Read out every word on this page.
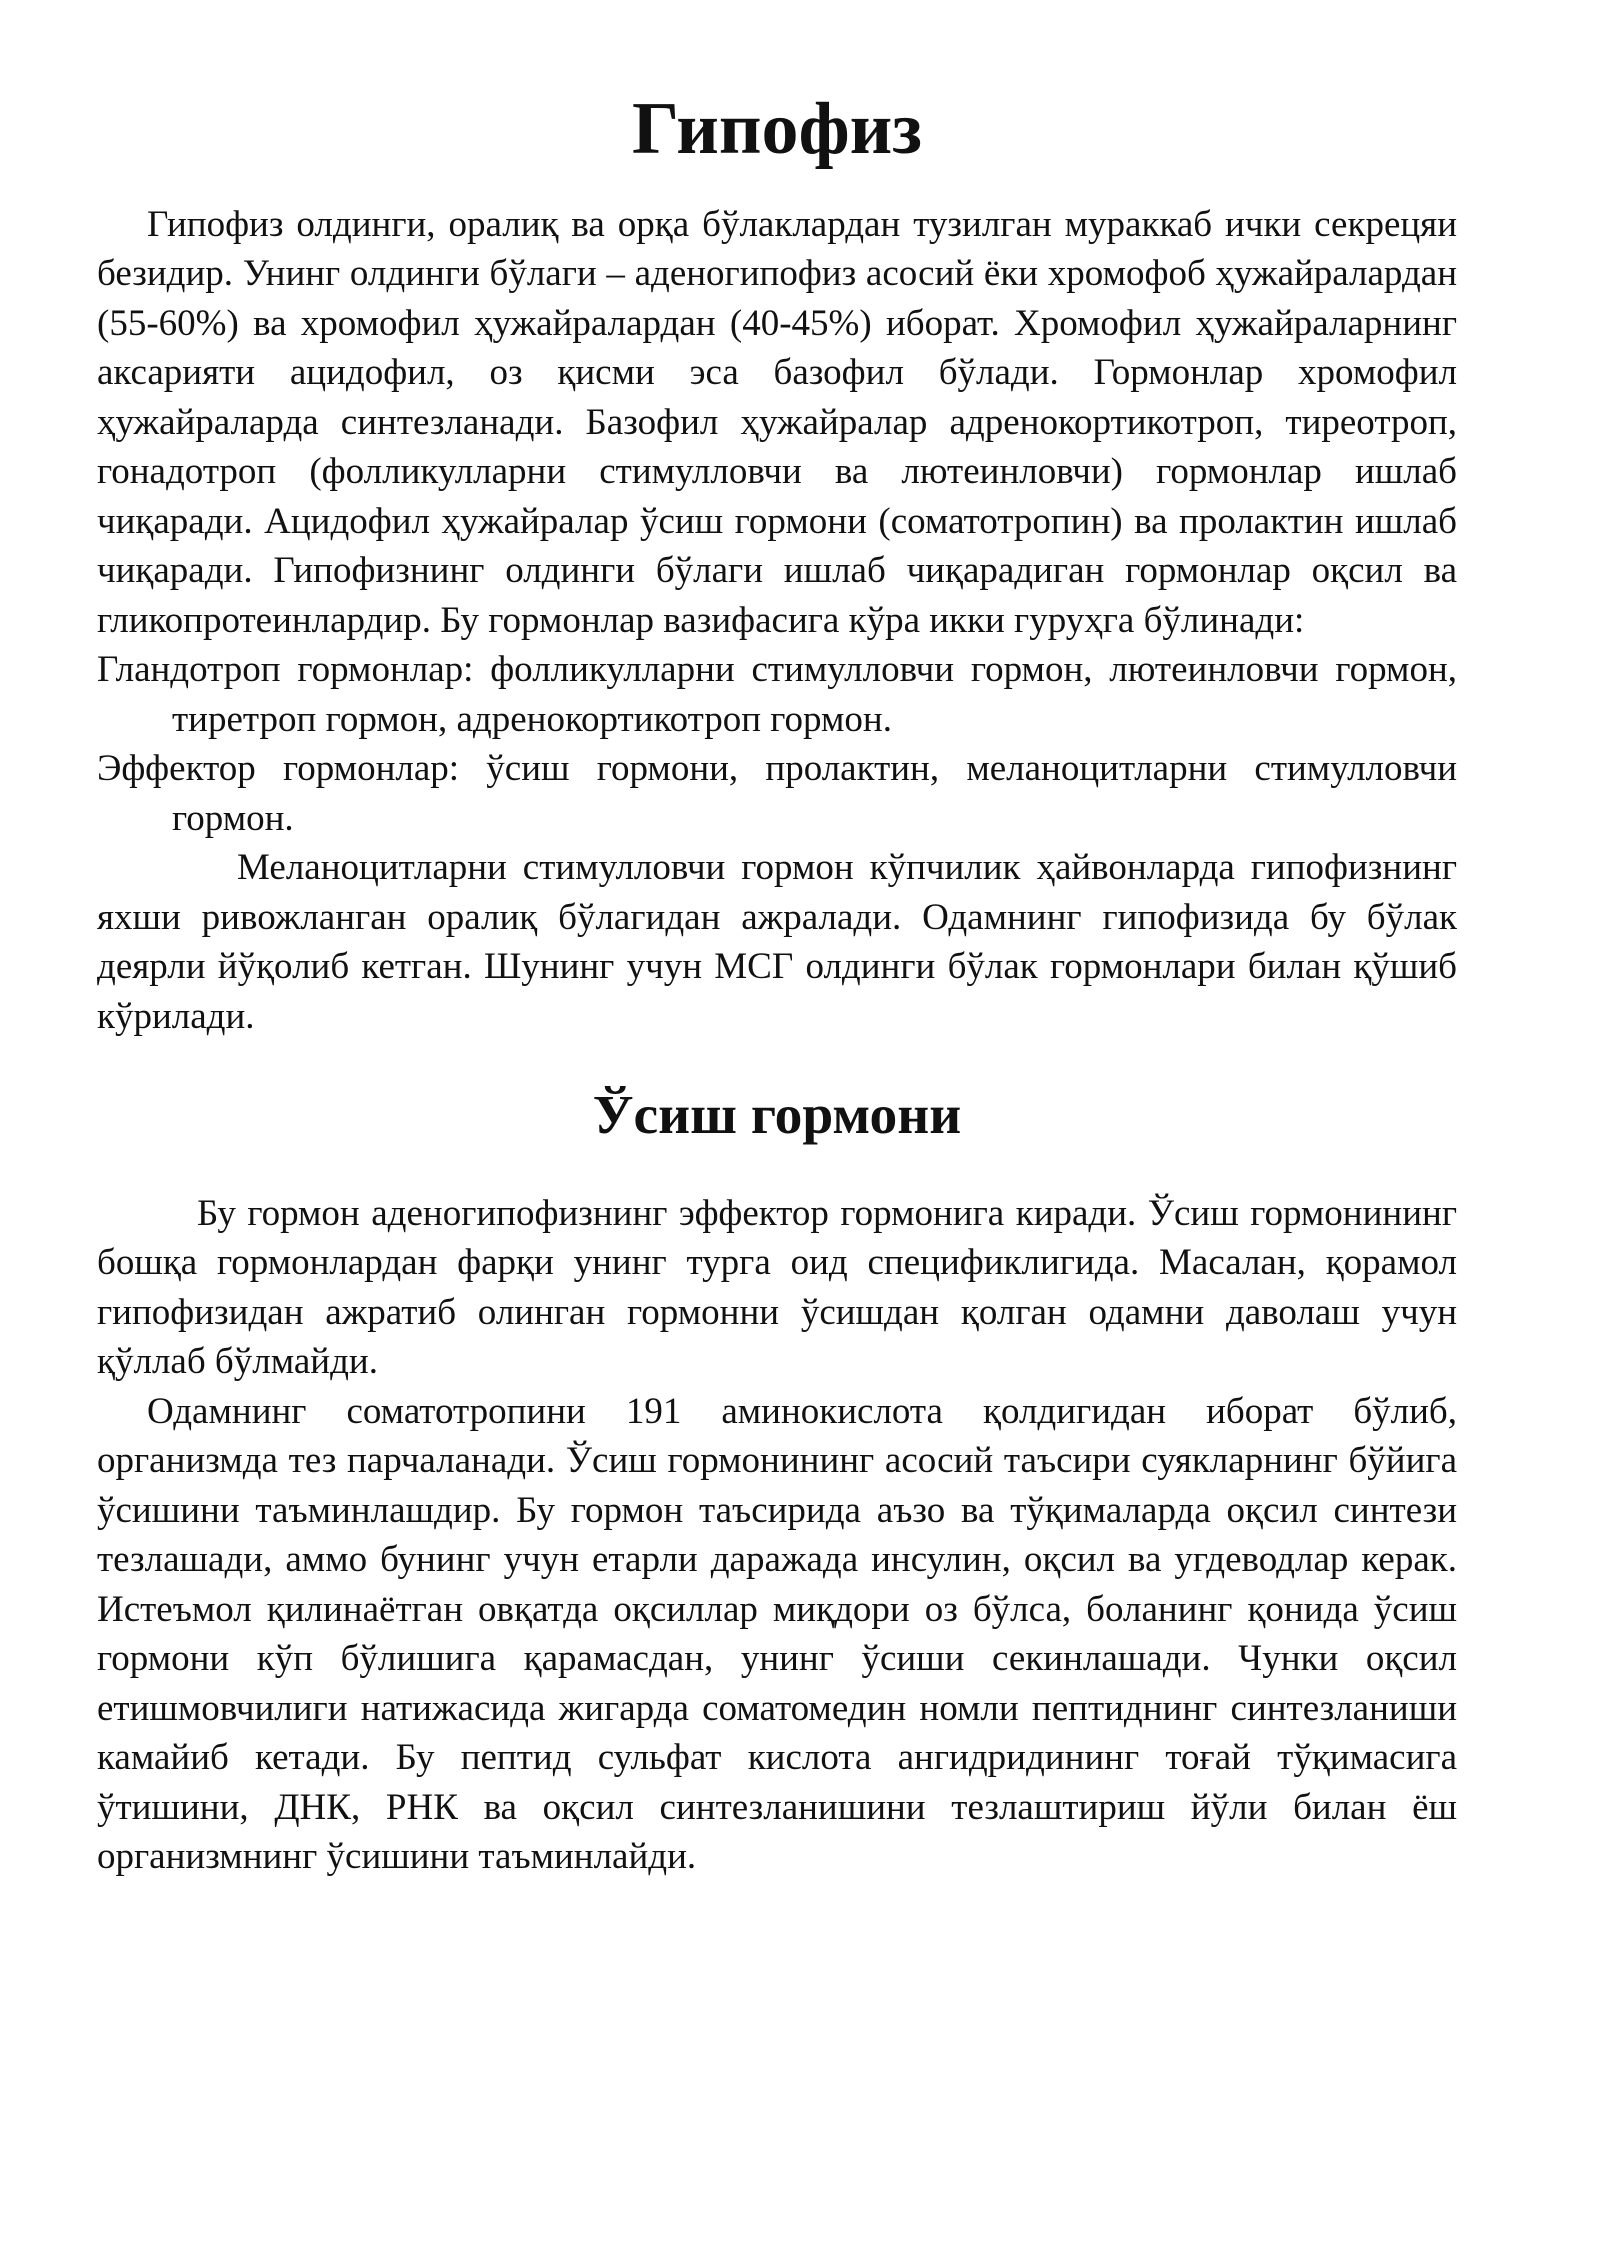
Гипофиз

Гипофиз олдинги, оралиқ ва орқа бўлаклардан тузилган мураккаб ички секрецяи безидир. Унинг олдинги бўлаги – аденогипофиз асосий ёки хромофоб ҳужайралардан (55-60%) ва хромофил ҳужайралардан (40-45%) иборат. Хромофил ҳужайраларнинг аксарияти ацидофил, оз қисми эса базофил бўлади. Гормонлар хромофил ҳужайраларда синтезланади. Базофил ҳужайралар адренокортикотроп, тиреотроп, гонадотроп (фолликулларни стимулловчи ва лютеинловчи) гормонлар ишлаб чиқаради. Ацидофил ҳужайралар ўсиш гормони (соматотропин) ва пролактин ишлаб чиқаради. Гипофизнинг олдинги бўлаги ишлаб чиқарадиган гормонлар оқсил ва гликопротеинлардир. Бу гормонлар вазифасига кўра икки гуруҳга бўлинади:

Гландотроп гормонлар: фолликулларни стимулловчи гормон, лютеинловчи гормон, тиретроп гормон, адренокортикотроп гормон.

Эффектор гормонлар: ўсиш гормони, пролактин, меланоцитларни стимулловчи гормон.

Меланоцитларни стимулловчи гормон кўпчилик ҳайвонларда гипофизнинг яхши ривожланган оралиқ бўлагидан ажралади. Одамнинг гипофизида бу бўлак деярли йўқолиб кетган. Шунинг учун МСГ олдинги бўлак гормонлари билан қўшиб кўрилади.

Ўсиш гормони

Бу гормон аденогипофизнинг эффектор гормонига киради. Ўсиш гормонининг бошқа гормонлардан фарқи унинг турга оид спецификлигида. Масалан, қорамол гипофизидан ажратиб олинган гормонни ўсишдан қолган одамни даволаш учун қўллаб бўлмайди.

Одамнинг соматотропини 191 аминокислота қолдигидан иборат бўлиб, организмда тез парчаланади. Ўсиш гормонининг асосий таъсири суякларнинг бўйига ўсишини таъминлашдир. Бу гормон таъсирида аъзо ва тўқималарда оқсил синтези тезлашади, аммо бунинг учун етарли даражада инсулин, оқсил ва угдеводлар керак. Истеъмол қилинаётган овқатда оқсиллар миқдори оз бўлса, боланинг қонида ўсиш гормони кўп бўлишига қарамасдан, унинг ўсиши секинлашади. Чунки оқсил етишмовчилиги натижасида жигарда соматомедин номли пептиднинг синтезланиши камайиб кетади. Бу пептид сульфат кислота ангидридининг тоғай тўқимасига ўтишини, ДНК, РНК ва оқсил синтезланишини тезлаштириш йўли билан ёш организмнинг ўсишини таъминлайди.
